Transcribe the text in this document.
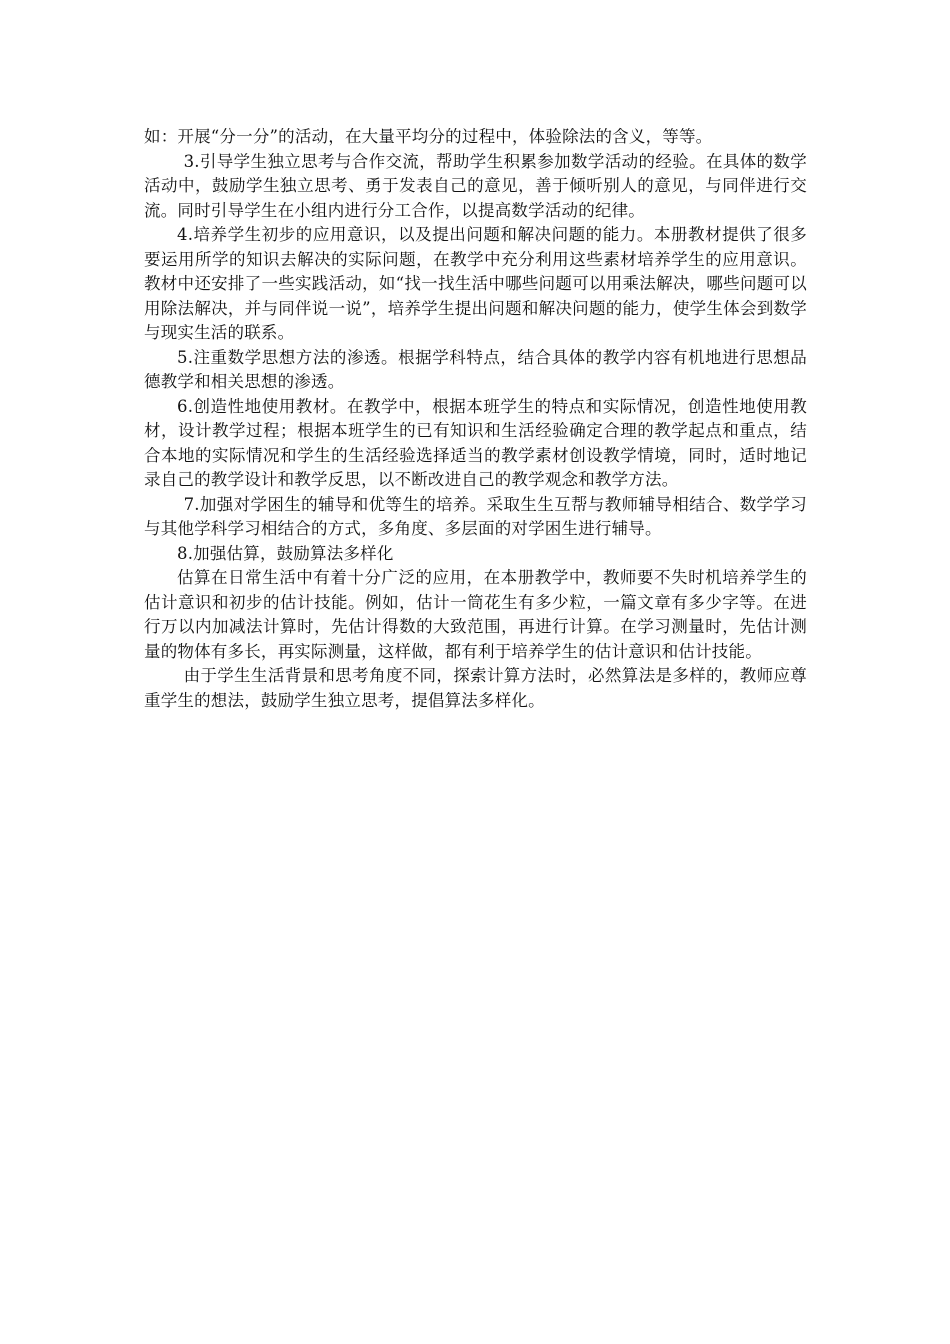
如：开展“分一分”的活动，在大量平均分的过程中，体验除法的含义，等等。

3.引导学生独立思考与合作交流，帮助学生积累参加数学活动的经验。在具体的数学活动中，鼓励学生独立思考、勇于发表自己的意见，善于倾听别人的意见，与同伴进行交流。同时引导学生在小组内进行分工合作，以提高数学活动的纪律。

4.培养学生初步的应用意识，以及提出问题和解决问题的能力。本册教材提供了很多要运用所学的知识去解决的实际问题，在教学中充分利用这些素材培养学生的应用意识。教材中还安排了一些实践活动，如“找一找生活中哪些问题可以用乘法解决，哪些问题可以用除法解决，并与同伴说一说”，培养学生提出问题和解决问题的能力，使学生体会到数学与现实生活的联系。

5.注重数学思想方法的渗透。根据学科特点，结合具体的教学内容有机地进行思想品德教学和相关思想的渗透。

6.创造性地使用教材。在教学中，根据本班学生的特点和实际情况，创造性地使用教材，设计教学过程；根据本班学生的已有知识和生活经验确定合理的教学起点和重点，结合本地的实际情况和学生的生活经验选择适当的教学素材创设教学情境，同时，适时地记录自己的教学设计和教学反思，以不断改进自己的教学观念和教学方法。

7.加强对学困生的辅导和优等生的培养。采取生生互帮与教师辅导相结合、数学学习与其他学科学习相结合的方式，多角度、多层面的对学困生进行辅导。

8.加强估算，鼓励算法多样化

估算在日常生活中有着十分广泛的应用，在本册教学中，教师要不失时机培养学生的估计意识和初步的估计技能。例如，估计一筒花生有多少粒，一篇文章有多少字等。在进行万以内加减法计算时，先估计得数的大致范围，再进行计算。在学习测量时，先估计测量的物体有多长，再实际测量，这样做，都有利于培养学生的估计意识和估计技能。

由于学生生活背景和思考角度不同，探索计算方法时，必然算法是多样的，教师应尊重学生的想法，鼓励学生独立思考，提倡算法多样化。
